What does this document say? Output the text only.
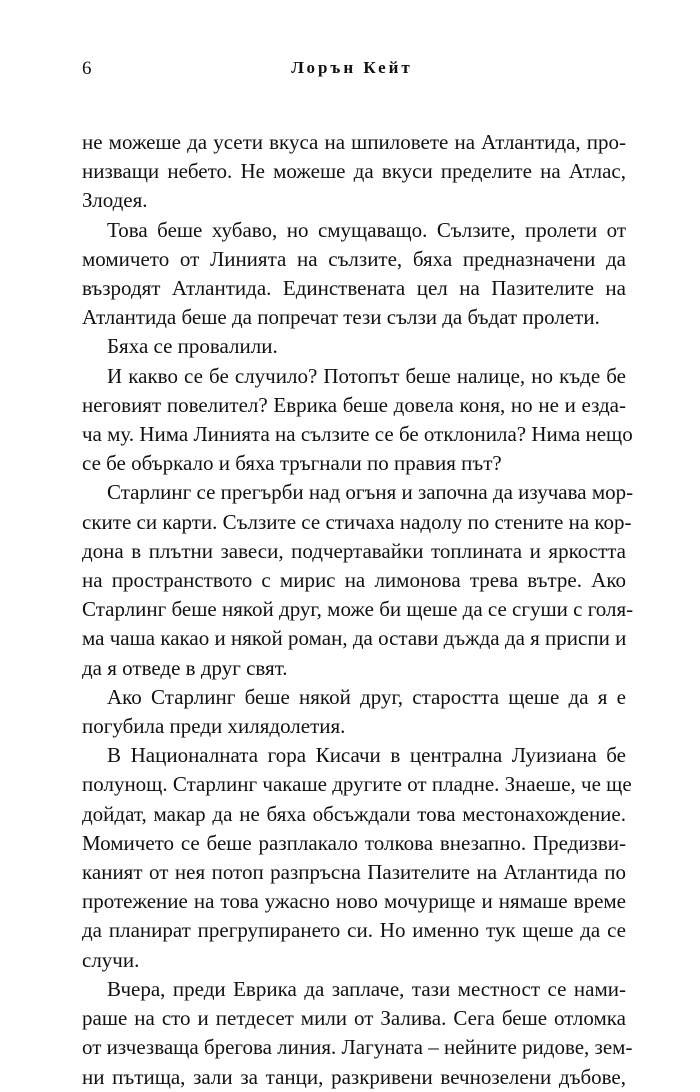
6	Лорън Кейт
не можеше да усети вкуса на шпиловете на Атлантида, про-
низващи небето. Не можеше да вкуси пределите на Атлас,
Злодея.
Това беше хубаво, но смущаващо. Сълзите, пролети от
момичето от Линията на сълзите, бяха предназначени да
възродят Атлантида. Единствената цел на Пазителите на
Атлантида беше да попречат тези сълзи да бъдат пролети.
Бяха се провалили.
И какво се бе случило? Потопът беше налице, но къде бе
неговият повелител? Еврика беше довела коня, но не и ездa-
ча му. Нима Линията на сълзите се бе отклонила? Нима нещо
се бе объркало и бяха тръгнали по правия път?
Старлинг се прегърби над огъня и започна да изучава мор-
ските си карти. Сълзите се стичаха надолу по стените на кор-
дона в плътни завеси, подчертавайки топлината и яркостта
на пространството с мирис на лимонова трева вътре. Ако
Старлинг беше някой друг, може би щеше да се сгуши с голя-
ма чаша какао и някой роман, да остави дъжда да я приспи и
да я отведе в друг свят.
Ако Старлинг беше някой друг, старостта щеше да я е
погубила преди хилядолетия.
В Националната гора Кисачи в централна Луизиана бе
полунощ. Старлинг чакаше другите от пладне. Знаеше, че ще
дойдат, макар да не бяха обсъждали това местонахождение.
Момичето се беше разплакало толкова внезапно. Предизви-
каният от нея потоп разпръсна Пазителите на Атлантида по
протежение на това ужасно ново мочурище и нямаше време
да планират прегрупирането си. Но именно тук щеше да се
случи.
Вчера, преди Еврика да заплаче, тази местност се нами-
раше на сто и петдесет мили от Залива. Сега беше отломка
от изчезваща брегова линия. Лагуната – нейните ридове, зем-
ни пътища, зали за танци, разкривени вечнозелени дъбове,
